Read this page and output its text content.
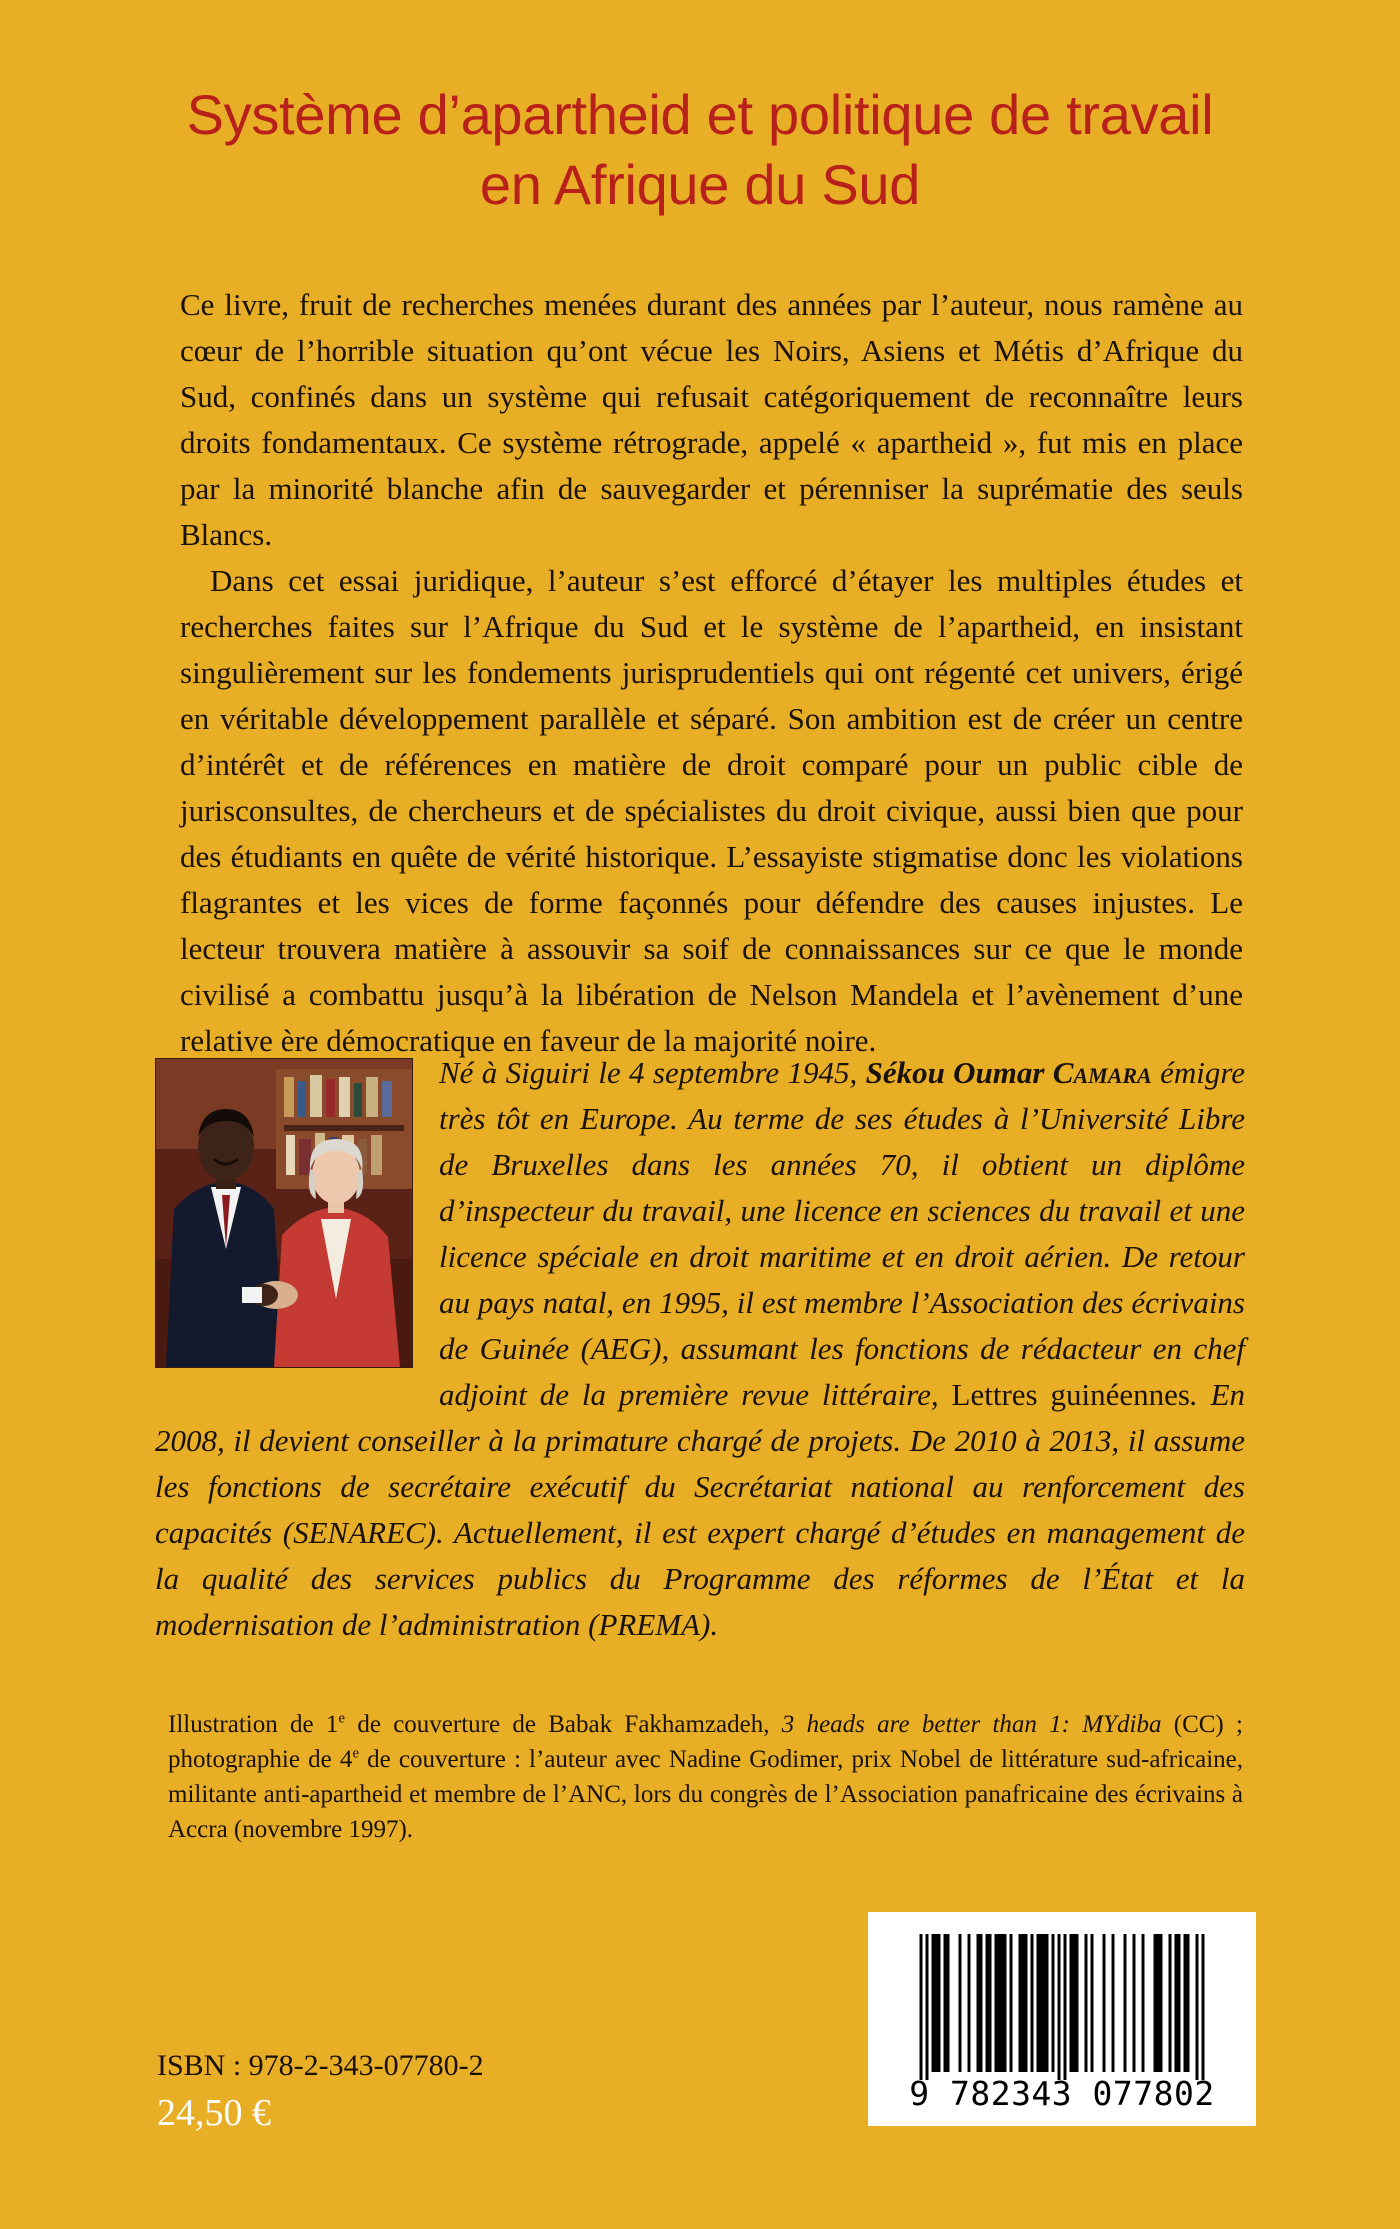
Système d’apartheid et politique de travail
en Afrique du Sud

Ce livre, fruit de recherches menées durant des années par l’auteur, nous ramène au cœur de l’horrible situation qu’ont vécue les Noirs, Asiens et Métis d’Afrique du Sud, confinés dans un système qui refusait catégoriquement de reconnaître leurs droits fondamentaux. Ce système rétrograde, appelé « apartheid », fut mis en place par la minorité blanche afin de sauvegarder et pérenniser la suprématie des seuls Blancs.

Dans cet essai juridique, l’auteur s’est efforcé d’étayer les multiples études et recherches faites sur l’Afrique du Sud et le système de l’apartheid, en insistant singulièrement sur les fondements jurisprudentiels qui ont régenté cet univers, érigé en véritable développement parallèle et séparé. Son ambition est de créer un centre d’intérêt et de références en matière de droit comparé pour un public cible de jurisconsultes, de chercheurs et de spécialistes du droit civique, aussi bien que pour des étudiants en quête de vérité historique. L’essayiste stigmatise donc les violations flagrantes et les vices de forme façonnés pour défendre des causes injustes. Le lecteur trouvera matière à assouvir sa soif de connaissances sur ce que le monde civilisé a combattu jusqu’à la libération de Nelson Mandela et l’avènement d’une relative ère démocratique en faveur de la majorité noire.

Né à Siguiri le 4 septembre 1945, Sékou Oumar Camara émigre très tôt en Europe. Au terme de ses études à l’Université Libre de Bruxelles dans les années 70, il obtient un diplôme d’inspecteur du travail, une licence en sciences du travail et une licence spéciale en droit maritime et en droit aérien. De retour au pays natal, en 1995, il est membre l’Association des écrivains de Guinée (AEG), assumant les fonctions de rédacteur en chef adjoint de la première revue littéraire, Lettres guinéennes. En 2008, il devient conseiller à la primature chargé de projets. De 2010 à 2013, il assume les fonctions de secrétaire exécutif du Secrétariat national au renforcement des capacités (SENAREC). Actuellement, il est expert chargé d’études en management de la qualité des services publics du Programme des réformes de l’État et la modernisation de l’administration (PREMA).
Illustration de 1e de couverture de Babak Fakhamzadeh, 3 heads are better than 1: MYdiba (CC) ; photographie de 4e de couverture : l’auteur avec Nadine Godimer, prix Nobel de littérature sud-africaine, militante anti-apartheid et membre de l’ANC, lors du congrès de l’Association panafricaine des écrivains à Accra (novembre 1997).
ISBN : 978-2-343-07780-2
24,50 €	9 782343 077802
